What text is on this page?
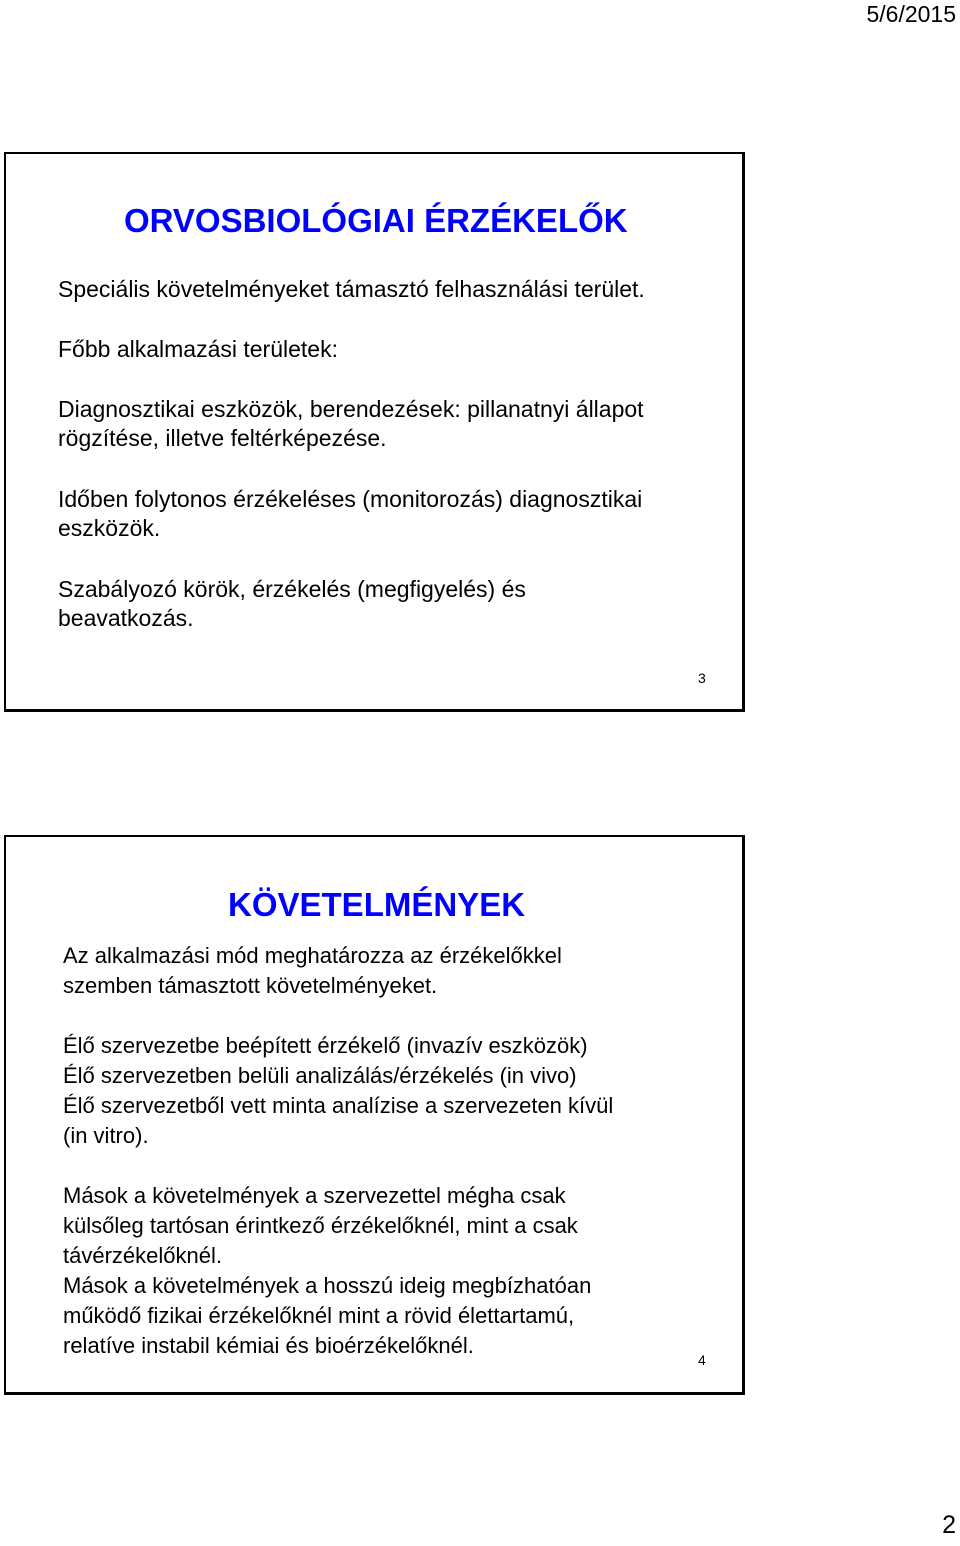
5/6/2015
ORVOSBIOLÓGIAI ÉRZÉKELŐK

Speciális követelményeket támasztó felhasználási terület.

Főbb alkalmazási területek:

Diagnosztikai eszközök, berendezések: pillanatnyi állapot
rögzítése, illetve feltérképezése.

Időben folytonos érzékeléses (monitorozás) diagnosztikai
eszközök.

Szabályozó körök, érzékelés (megfigyelés) és
beavatkozás.

3
KÖVETELMÉNYEK

Az alkalmazási mód meghatározza az érzékelőkkel
szemben támasztott követelményeket.

Élő szervezetbe beépített érzékelő (invazív eszközök)
Élő szervezetben belüli analizálás/érzékelés (in vivo)
Élő szervezetből vett minta analízise a szervezeten kívül
(in vitro).

Mások a követelmények a szervezettel mégha csak
külsőleg tartósan érintkező érzékelőknél, mint a csak
távérzékelőknél.

Mások a követelmények a hosszú ideig megbízhatóan
működő fizikai érzékelőknél mint a rövid élettartamú,
relatíve instabil kémiai és bioérzékelőknél.

4
2
